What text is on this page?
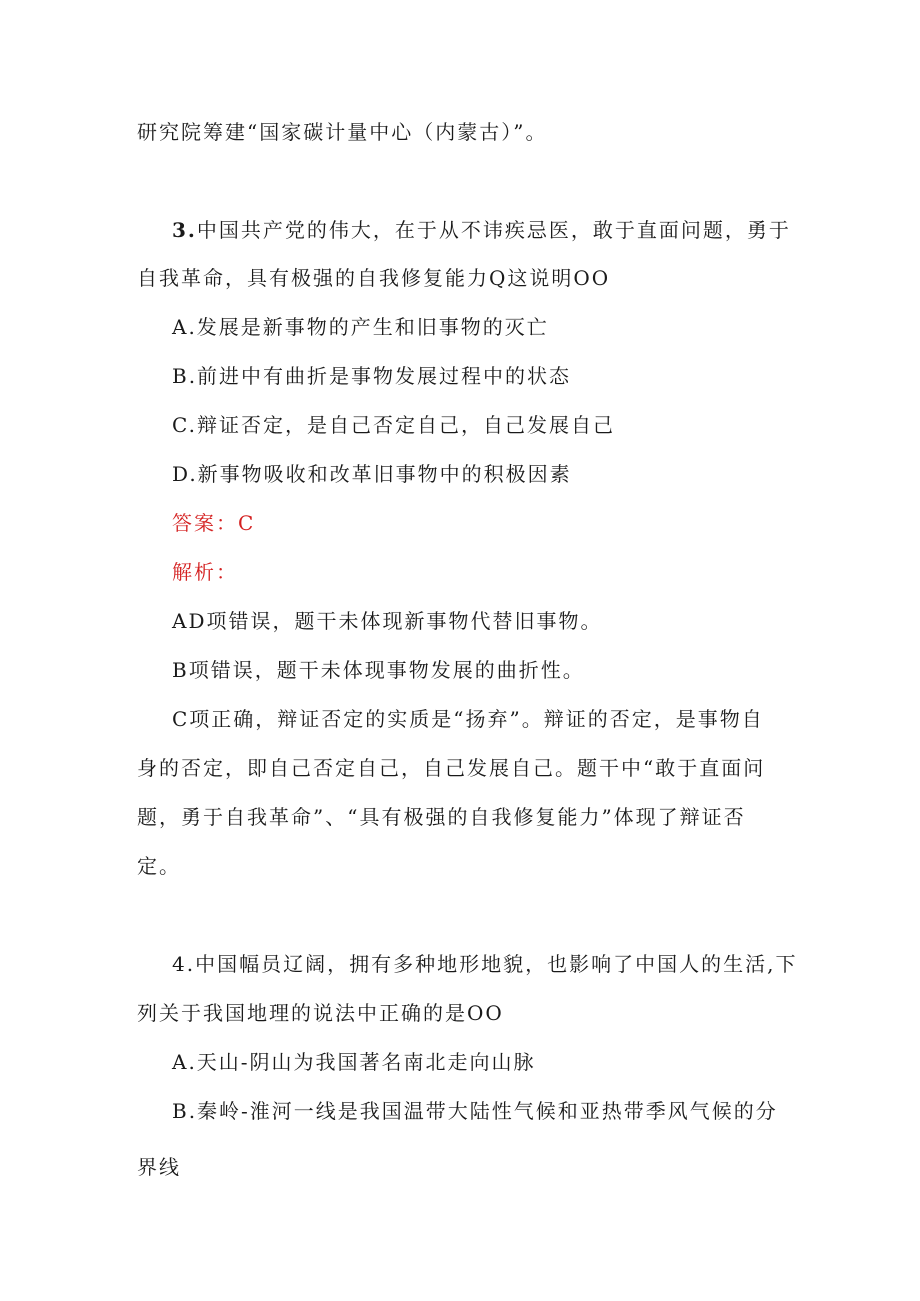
研究院筹建“国家碳计量中心（内蒙古）”。
3.中国共产党的伟大，在于从不讳疾忌医，敢于直面问题，勇于
自我革命，具有极强的自我修复能力Q这说明OO
A.发展是新事物的产生和旧事物的灭亡
B.前进中有曲折是事物发展过程中的状态
C.辩证否定，是自己否定自己，自己发展自己
D.新事物吸收和改革旧事物中的积极因素
答案：C
解析：
AD项错误，题干未体现新事物代替旧事物。
B项错误，题干未体现事物发展的曲折性。
C项正确，辩证否定的实质是“扬弃”。辩证的否定，是事物自
身的否定，即自己否定自己，自己发展自己。题干中“敢于直面问
题，勇于自我革命”、“具有极强的自我修复能力”体现了辩证否
定。
4.中国幅员辽阔，拥有多种地形地貌，也影响了中国人的生活,下
列关于我国地理的说法中正确的是OO
A.天山-阴山为我国著名南北走向山脉
B.秦岭-淮河一线是我国温带大陆性气候和亚热带季风气候的分
界线
